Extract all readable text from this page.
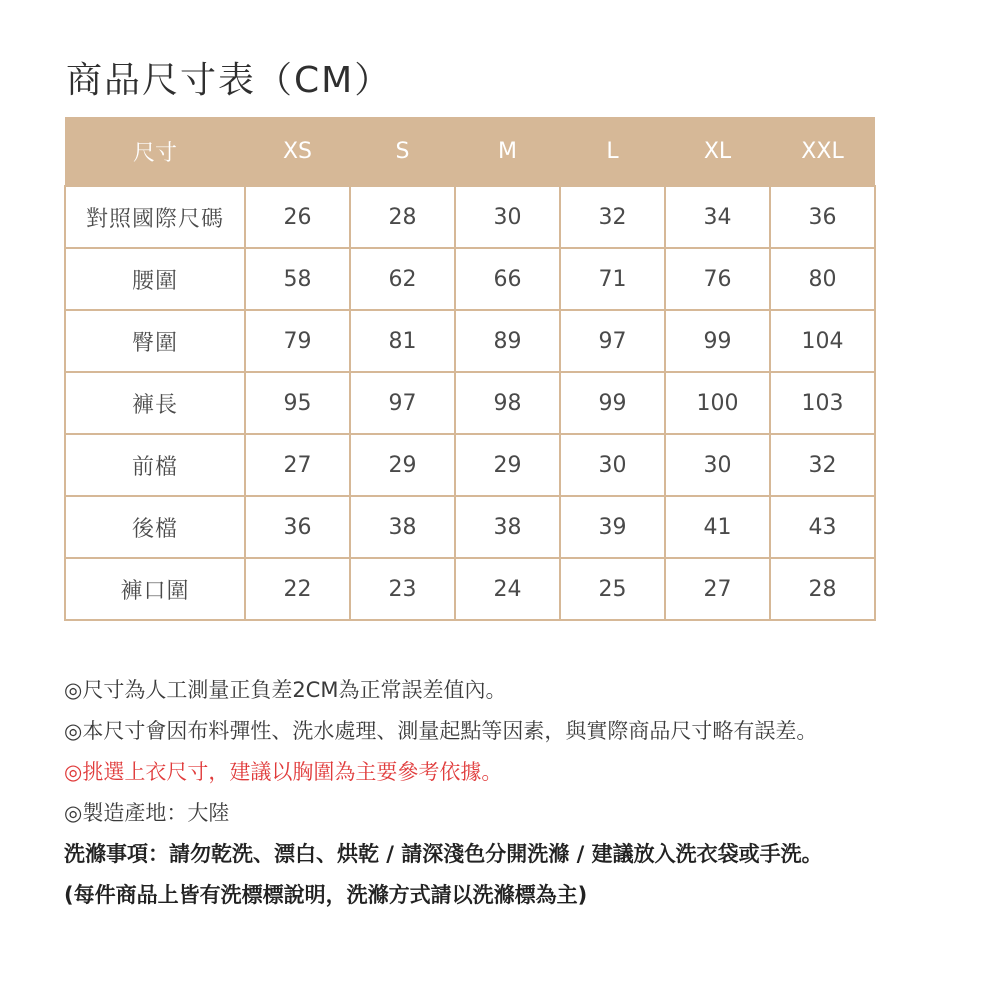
商品尺寸表（CM）
尺寸	XS	S	M	L	XL	XXL
對照國際尺碼	26	28	30	32	34	36
腰圍	58	62	66	71	76	80
臀圍	79	81	89	97	99	104
褲長	95	97	98	99	100	103
前檔	27	29	29	30	30	32
後檔	36	38	38	39	41	43
褲口圍	22	23	24	25	27	28
◎尺寸為人工測量正負差2CM為正常誤差值內。
◎本尺寸會因布料彈性、洗水處理、測量起點等因素，與實際商品尺寸略有誤差。
◎挑選上衣尺寸，建議以胸圍為主要參考依據。
◎製造產地：大陸
洗滌事項：請勿乾洗、漂白、烘乾 / 請深淺色分開洗滌 / 建議放入洗衣袋或手洗。
(每件商品上皆有洗標標說明，洗滌方式請以洗滌標為主)
